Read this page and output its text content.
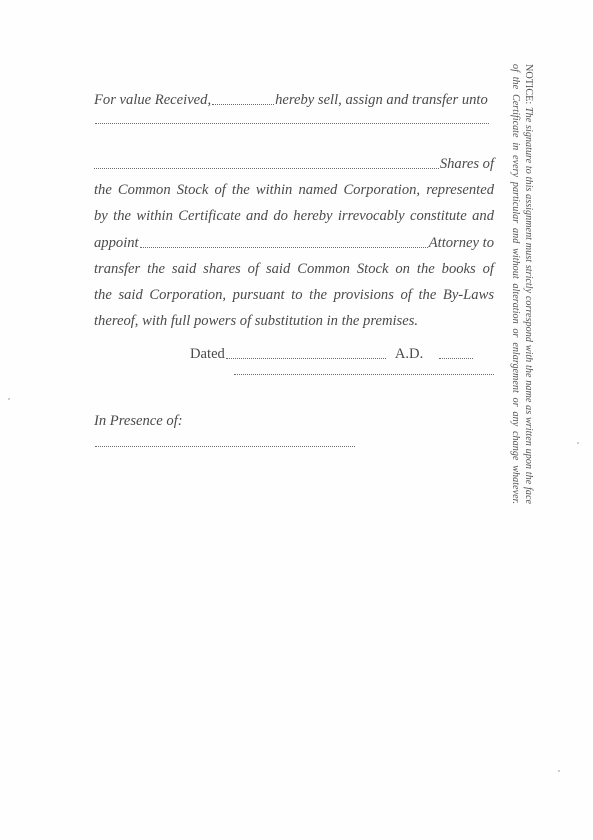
For value Received,	hereby sell, assign and transfer unto
Shares of
the Common Stock of the within named Corporation, represented
by the within Certificate and do hereby irrevocably constitute and
appoint	Attorney to
transfer the said shares of said Common Stock on the books of
the said Corporation, pursuant to the provisions of the By-Laws
thereof, with full powers of substitution in the premises.
Dated	A.D.
In Presence of:
NOTICE: The signature to this assignment must strictly correspond with the name as written upon the face of the Certificate in every particular and without alteration or enlargement or any change whatever.
